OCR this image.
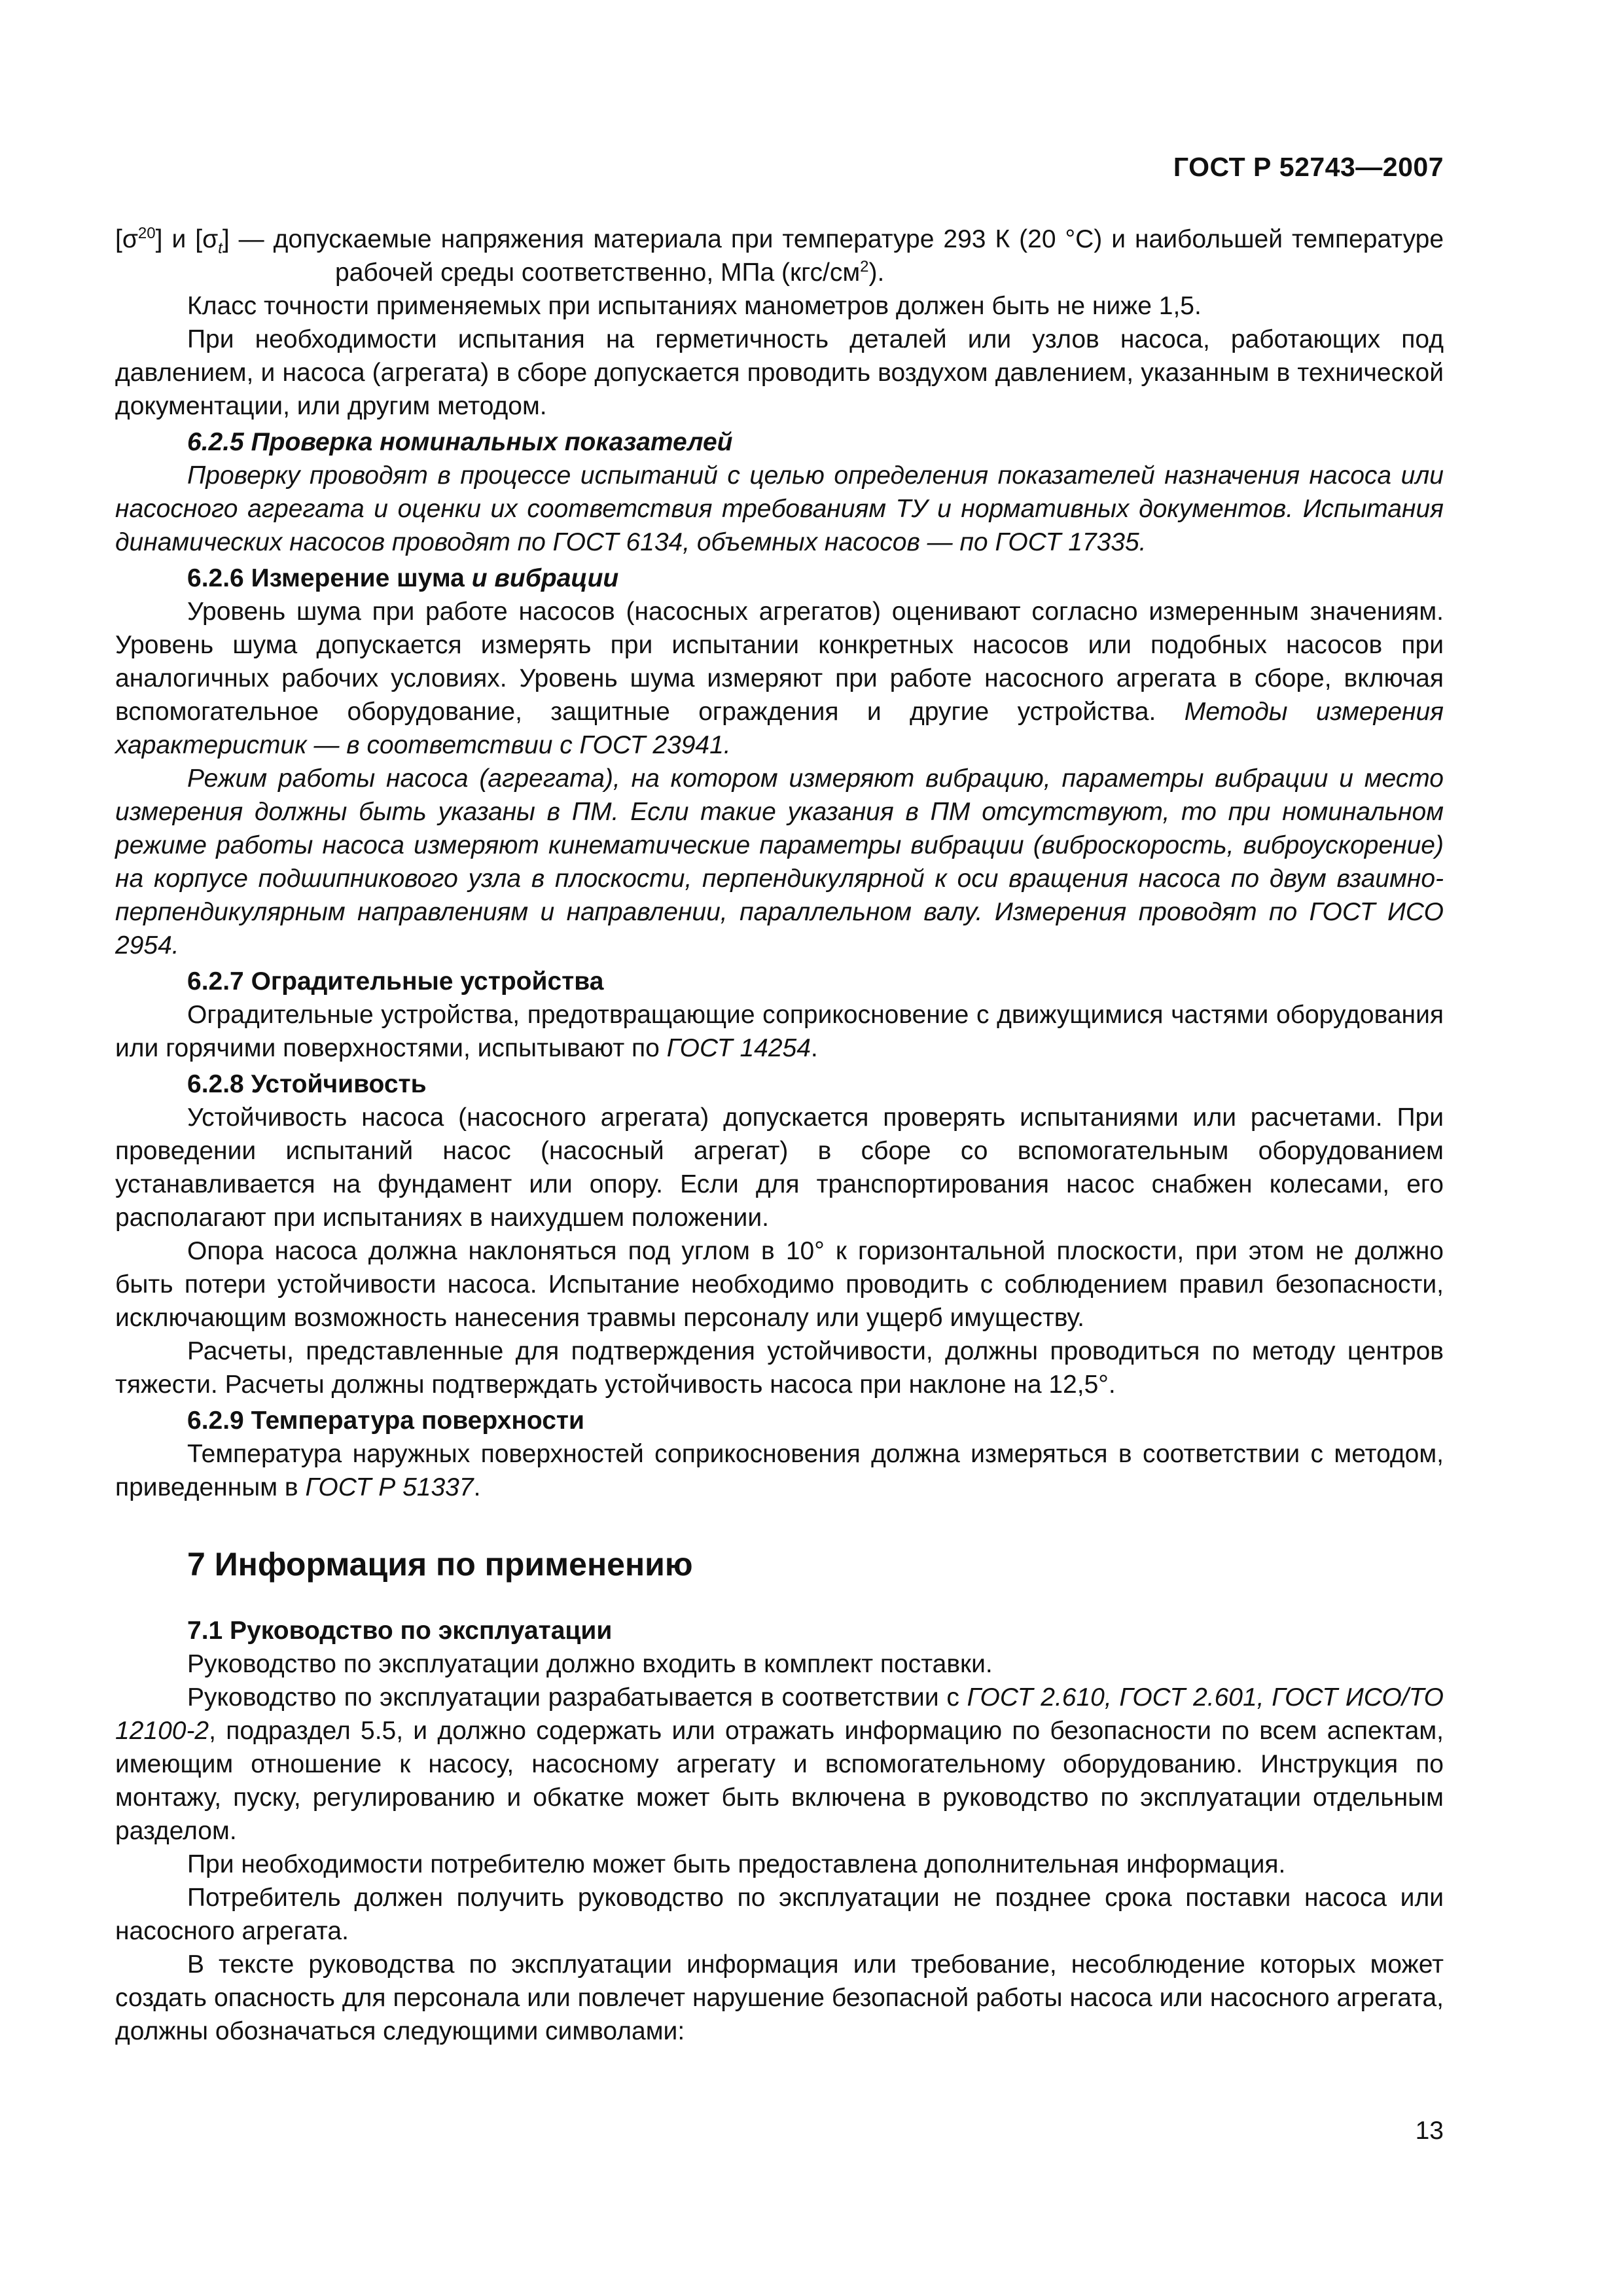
ГОСТ Р 52743—2007
$[\sigma^{20}]$ и $[\sigma_t]$ — допускаемые напряжения материала при температуре 293 К (20 °С) и наибольшей температуре рабочей среды соответственно, МПа $(кгс/см^2)$.

Класс точности применяемых при испытаниях манометров должен быть не ниже 1,5.

При необходимости испытания на герметичность деталей или узлов насоса, работающих под давлением, и насоса (агрегата) в сборе допускается проводить воздухом давлением, указанным в технической документации, или другим методом.

6.2.5 Проверка номинальных показателей

Проверку проводят в процессе испытаний с целью определения показателей назначения насоса или насосного агрегата и оценки их соответствия требованиям ТУ и нормативных документов. Испытания динамических насосов проводят по ГОСТ 6134, объемных насосов — по ГОСТ 17335.

6.2.6 Измерение шума и вибрации

Уровень шума при работе насосов (насосных агрегатов) оценивают согласно измеренным значениям. Уровень шума допускается измерять при испытании конкретных насосов или подобных насосов при аналогичных рабочих условиях. Уровень шума измеряют при работе насосного агрегата в сборе, включая вспомогательное оборудование, защитные ограждения и другие устройства. Методы измерения характеристик — в соответствии с ГОСТ 23941.

Режим работы насоса (агрегата), на котором измеряют вибрацию, параметры вибрации и место измерения должны быть указаны в ПМ. Если такие указания в ПМ отсутствуют, то при номинальном режиме работы насоса измеряют кинематические параметры вибрации (виброскорость, виброускорение) на корпусе подшипникового узла в плоскости, перпендикулярной к оси вращения насоса по двум взаимно-перпендикулярным направлениям и направлении, параллельном валу. Измерения проводят по ГОСТ ИСО 2954.

6.2.7 Оградительные устройства

Оградительные устройства, предотвращающие соприкосновение с движущимися частями оборудования или горячими поверхностями, испытывают по ГОСТ 14254.

6.2.8 Устойчивость

Устойчивость насоса (насосного агрегата) допускается проверять испытаниями или расчетами. При проведении испытаний насос (насосный агрегат) в сборе со вспомогательным оборудованием устанавливается на фундамент или опору. Если для транспортирования насос снабжен колесами, его располагают при испытаниях в наихудшем положении.

Опора насоса должна наклоняться под углом в 10° к горизонтальной плоскости, при этом не должно быть потери устойчивости насоса. Испытание необходимо проводить с соблюдением правил безопасности, исключающим возможность нанесения травмы персоналу или ущерб имуществу.

Расчеты, представленные для подтверждения устойчивости, должны проводиться по методу центров тяжести. Расчеты должны подтверждать устойчивость насоса при наклоне на 12,5°.

6.2.9 Температура поверхности

Температура наружных поверхностей соприкосновения должна измеряться в соответствии с методом, приведенным в ГОСТ Р 51337.

7 Информация по применению
7.1 Руководство по эксплуатации

Руководство по эксплуатации должно входить в комплект поставки.

Руководство по эксплуатации разрабатывается в соответствии с ГОСТ 2.610, ГОСТ 2.601, ГОСТ ИСО/ТО 12100-2, подраздел 5.5, и должно содержать или отражать информацию по безопасности по всем аспектам, имеющим отношение к насосу, насосному агрегату и вспомогательному оборудованию. Инструкция по монтажу, пуску, регулированию и обкатке может быть включена в руководство по эксплуатации отдельным разделом.

При необходимости потребителю может быть предоставлена дополнительная информация.

Потребитель должен получить руководство по эксплуатации не позднее срока поставки насоса или насосного агрегата.

В тексте руководства по эксплуатации информация или требование, несоблюдение которых может создать опасность для персонала или повлечет нарушение безопасной работы насоса или насосного агрегата, должны обозначаться следующими символами:

13
